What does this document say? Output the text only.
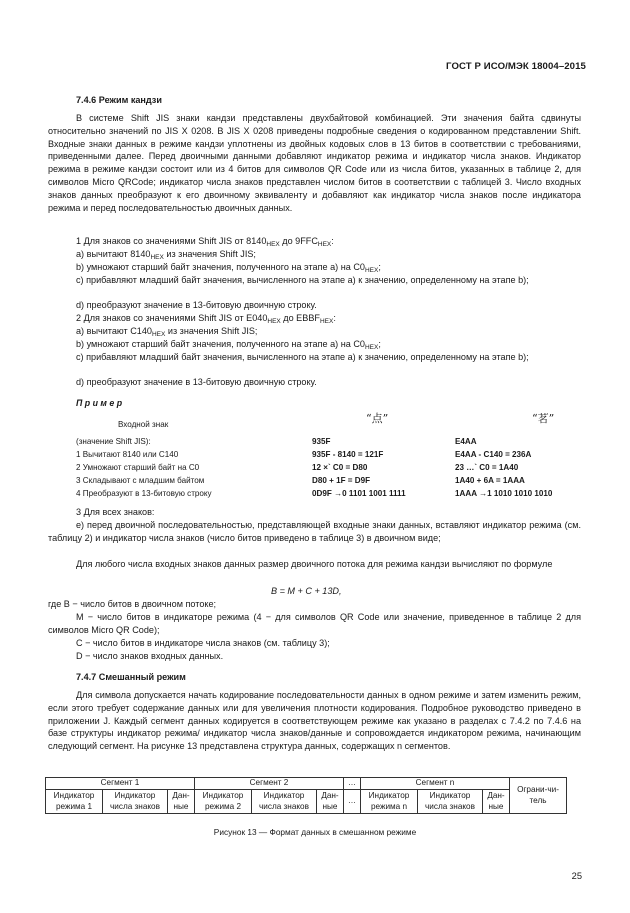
ГОСТ Р ИСО/МЭК 18004–2015
7.4.6 Режим кандзи
В системе Shift JIS знаки кандзи представлены двухбайтовой комбинацией. Эти значения байта сдвинуты относительно значений по JIS X 0208. В JIS X 0208 приведены подробные сведения о кодированном представлении Shift. Входные знаки данных в режиме кандзи уплотнены из двойных кодовых слов в 13 битов в соответствии с требованиями, приведенными далее. Перед двоичными данными добавляют индикатор режима и индикатор числа знаков. Индикатор режима в режиме кандзи состоит или из 4 битов для символов QR Code или из числа битов, указанных в таблице 2, для символов Micro QRCode; индикатор числа знаков представлен числом битов в соответствии с таблицей 3. Число входных знаков данных преобразуют к его двоичному эквиваленту и добавляют как индикатор числа знаков после индикатора режима и перед последовательностью двоичных данных.
1 Для знаков со значениями Shift JIS от $8140_{HEX}$ до $9FFC_{HEX}$:
а) вычитают $8140_{HEX}$ из значения Shift JIS;
b) умножают старший байт значения, полученного на этапе а) на $C0_{HEX}$;
с) прибавляют младший байт значения, вычисленного на этапе а) к значению, определенному на этапе b);
d) преобразуют значение в 13-битовую двоичную строку.
2 Для знаков со значениями Shift JIS от $E040_{HEX}$ до $EBBF_{HEX}$:
а) вычитают $C140_{HEX}$ из значения Shift JIS;
b) умножают старший байт значения, полученного на этапе а) на $C0_{HEX}$;
с) прибавляют младший байт значения, вычисленного на этапе а) к значению, определенному на этапе b);
d) преобразуют значение в 13-битовую двоичную строку.
П р и м е р
Входной знак	“点”	“茗”
(значение Shift JIS):	935F	E4AA
1 Вычитают 8140 или C140	935F - 8140 = 121F	E4AA - C140 = 236A
2 Умножают старший байт на C0	12 ×` C0 = D80	23 …` C0 = 1A40
3 Складывают с младшим байтом	D80 + 1F = D9F	1A40 + 6A = 1AAA
4 Преобразуют в 13-битовую строку	0D9F →0 1101 1001 1111	1AAA →1 1010 1010 1010
3 Для всех знаков:
е) перед двоичной последовательностью, представляющей входные знаки данных, вставляют индикатор режима (см. таблицу 2) и индикатор числа знаков (число битов приведено в таблице 3) в двоичном виде;
Для любого числа входных знаков данных размер двоичного потока для режима кандзи вычисляют по формуле
B = M + C + 13D,
где B − число битов в двоичном потоке;
M − число битов в индикаторе режима (4 − для символов QR Code или значение, приведенное в таблице 2 для символов Micro QR Code);
C − число битов в индикаторе числа знаков (см. таблицу 3);
D − число знаков входных данных.
7.4.7 Смешанный режим
Для символа допускается начать кодирование последовательности данных в одном режиме и затем изменить режим, если этого требует содержание данных или для увеличения плотности кодирования. Подробное руководство приведено в приложении J. Каждый сегмент данных кодируется в соответствующем режиме как указано в разделах с 7.4.2 по 7.4.6 на базе структуры индикатор режима/ индикатор числа знаков/данные и сопровождается индикатором режима, начинающим следующий сегмент. На рисунке 13 представлена структура данных, содержащих n сегментов.
Сегмент 1			Сегмент 2			…	Сегмент n			Ограни-читель
Индикатор режима 1	Индикатор числа знаков	Дан-ные	Индикатор режима 2	Индикатор числа знаков	Дан-ные	…	Индикатор режима n	Индикатор числа знаков	Дан-ные	
Рисунок 13 — Формат данных в смешанном режиме
25
